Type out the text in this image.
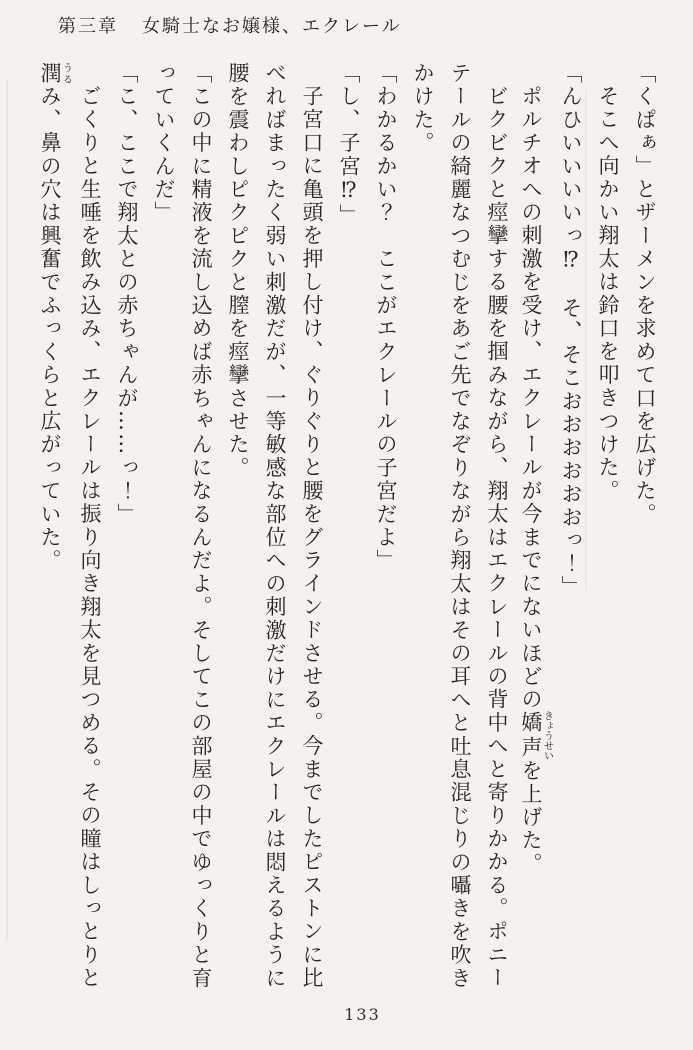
第三章 女騎士なお嬢様、エクレール
「くぱぁ」とザーメンを求めて口を広げた。
そこへ向かい翔太は鈴口を叩きつけた。
「んひいいいいっ⁉　そ、そこおおおおおおっ！」
ポルチオへの刺激を受け、エクレールが今までにないほどの嬌声きょうせいを上げた。
ビクビクと痙攣する腰を掴みながら、翔太はエクレールの背中へと寄りかかる。ポニー
テールの綺麗なつむじをあご先でなぞりながら翔太はその耳へと吐息混じりの囁きを吹き
かけた。
「わかるかい？　ここがエクレールの子宮だよ」
「し、子宮⁉」
子宮口に亀頭を押し付け、ぐりぐりと腰をグラインドさせる。今までしたピストンに比
べればまったく弱い刺激だが、一等敏感な部位への刺激だけにエクレールは悶えるように
腰を震わしピクピクと膣を痙攣させた。
「この中に精液を流し込めば赤ちゃんになるんだよ。そしてこの部屋の中でゆっくりと育
っていくんだ」
「こ、ここで翔太との赤ちゃんが……っ！」
ごくりと生唾を飲み込み、エクレールは振り向き翔太を見つめる。その瞳はしっとりと
潤うるみ、鼻の穴は興奮でふっくらと広がっていた。
133
